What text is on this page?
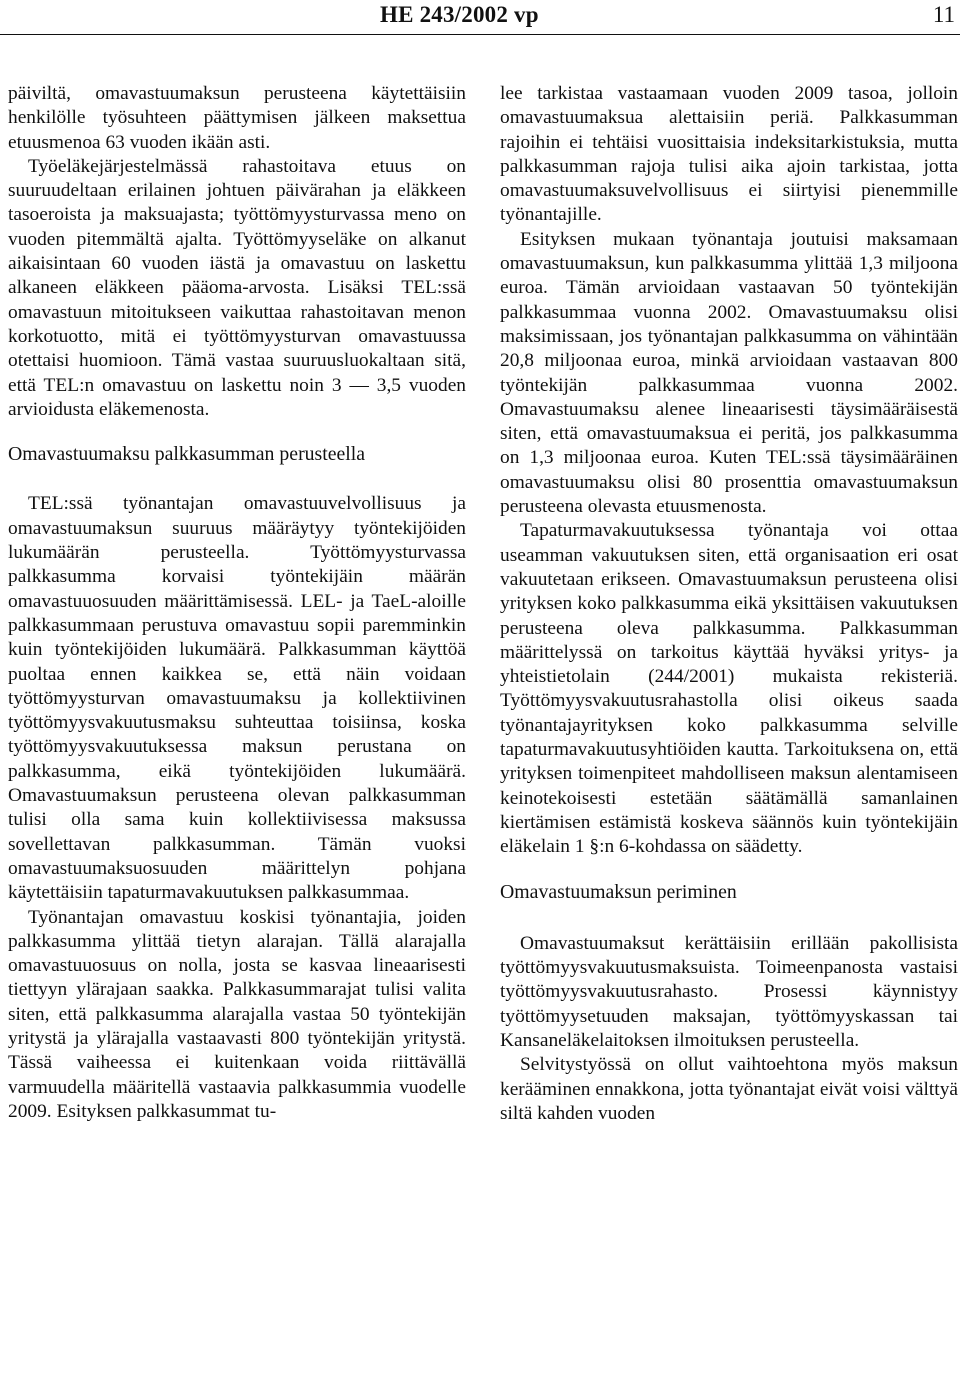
HE 243/2002 vp	11

päiviltä, omavastuumaksun perusteena käytettäisiin henkilölle työsuhteen päättymisen jälkeen maksettua etuusmenoa 63 vuoden ikään asti.

Työeläkejärjestelmässä rahastoitava etuus on suuruudeltaan erilainen johtuen päivärahan ja eläkkeen tasoeroista ja maksuajasta; työttömyysturvassa meno on vuoden pitemmältä ajalta. Työttömyyseläke on alkanut aikaisintaan 60 vuoden iästä ja omavastuu on laskettu alkaneen eläkkeen pääoma-arvosta. Lisäksi TEL:ssä omavastuun mitoitukseen vaikuttaa rahastoitavan menon korkotuotto, mitä ei työttömyysturvan omavastuussa otettaisi huomioon. Tämä vastaa suuruusluokaltaan sitä, että TEL:n omavastuu on laskettu noin 3 — 3,5 vuoden arvioidusta eläkemenosta.

Omavastuumaksu palkkasumman perusteella

TEL:ssä työnantajan omavastuuvelvollisuus ja omavastuumaksun suuruus määräytyy työntekijöiden lukumäärän perusteella. Työttömyysturvassa palkkasumma korvaisi työntekijäin määrän omavastuuosuuden määrittämisessä. LEL- ja TaeL-aloille palkkasummaan perustuva omavastuu sopii paremminkin kuin työntekijöiden lukumäärä. Palkkasumman käyttöä puoltaa ennen kaikkea se, että näin voidaan työttömyysturvan omavastuumaksu ja kollektiivinen työttömyysvakuutusmaksu suhteuttaa toisiinsa, koska työttömyysvakuutuksessa maksun perustana on palkkasumma, eikä työntekijöiden lukumäärä. Omavastuumaksun perusteena olevan palkkasumman tulisi olla sama kuin kollektiivisessa maksussa sovellettavan palkkasumman. Tämän vuoksi omavastuumaksuosuuden määrittelyn pohjana käytettäisiin tapaturmavakuutuksen palkkasummaa.

Työnantajan omavastuu koskisi työnantajia, joiden palkkasumma ylittää tietyn alarajan. Tällä alarajalla omavastuuosuus on nolla, josta se kasvaa lineaarisesti tiettyyn ylärajaan saakka. Palkkasummarajat tulisi valita siten, että palkkasumma alarajalla vastaa 50 työntekijän yritystä ja ylärajalla vastaavasti 800 työntekijän yritystä. Tässä vaiheessa ei kuitenkaan voida riittävällä varmuudella määritellä vastaavia palkkasummia vuodelle 2009. Esityksen palkkasummat tu-

lee tarkistaa vastaamaan vuoden 2009 tasoa, jolloin omavastuumaksua alettaisiin periä. Palkkasumman rajoihin ei tehtäisi vuosittaisia indeksitarkistuksia, mutta palkkasumman rajoja tulisi aika ajoin tarkistaa, jotta omavastuumaksuvelvollisuus ei siirtyisi pienemmille työnantajille.

Esityksen mukaan työnantaja joutuisi maksamaan omavastuumaksun, kun palkkasumma ylittää 1,3 miljoona euroa. Tämän arvioidaan vastaavan 50 työntekijän palkkasummaa vuonna 2002. Omavastuumaksu olisi maksimissaan, jos työnantajan palkkasumma on vähintään 20,8 miljoonaa euroa, minkä arvioidaan vastaavan 800 työntekijän palkkasummaa vuonna 2002. Omavastuumaksu alenee lineaarisesti täysimääräisestä siten, että omavastuumaksua ei peritä, jos palkkasumma on 1,3 miljoonaa euroa. Kuten TEL:ssä täysimääräinen omavastuumaksu olisi 80 prosenttia omavastuumaksun perusteena olevasta etuusmenosta.

Tapaturmavakuutuksessa työnantaja voi ottaa useamman vakuutuksen siten, että organisaation eri osat vakuutetaan erikseen. Omavastuumaksun perusteena olisi yrityksen koko palkkasumma eikä yksittäisen vakuutuksen perusteena oleva palkkasumma. Palkkasumman määrittelyssä on tarkoitus käyttää hyväksi yritys- ja yhteistietolain (244/2001) mukaista rekisteriä. Työttömyysvakuutusrahastolla olisi oikeus saada työnantajayrityksen koko palkkasumma selville tapaturmavakuutusyhtiöiden kautta. Tarkoituksena on, että yrityksen toimenpiteet mahdolliseen maksun alentamiseen keinotekoisesti estetään säätämällä samanlainen kiertämisen estämistä koskeva säännös kuin työntekijäin eläkelain 1 §:n 6-kohdassa on säädetty.

Omavastuumaksun periminen

Omavastuumaksut kerättäisiin erillään pakollisista työttömyysvakuutusmaksuista. Toimeenpanosta vastaisi työttömyysvakuutusrahasto. Prosessi käynnistyy työttömyysetuuden maksajan, työttömyyskassan tai Kansaneläkelaitoksen ilmoituksen perusteella.

Selvitystyössä on ollut vaihtoehtona myös maksun kerääminen ennakkona, jotta työnantajat eivät voisi välttyä siltä kahden vuoden
